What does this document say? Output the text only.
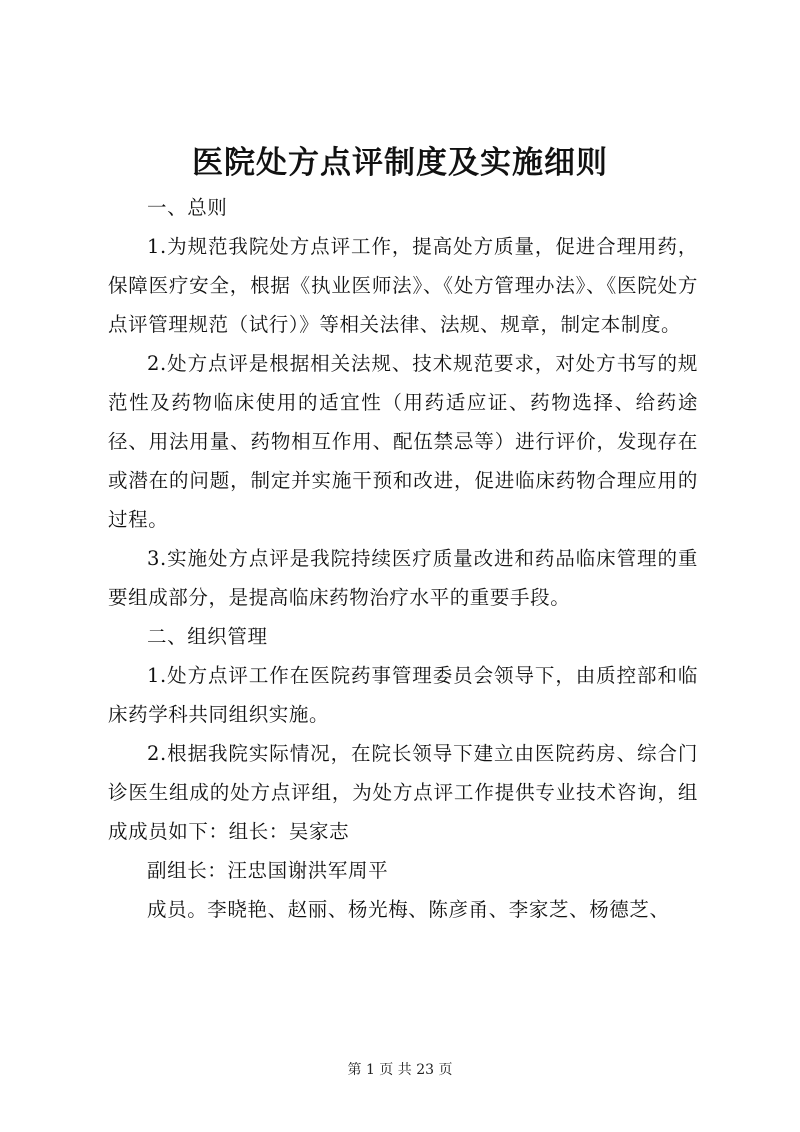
医院处方点评制度及实施细则

一、总则

1.为规范我院处方点评工作，提高处方质量，促进合理用药，保障医疗安全，根据《执业医师法》、《处方管理办法》、《医院处方点评管理规范（试行）》等相关法律、法规、规章，制定本制度。

2.处方点评是根据相关法规、技术规范要求，对处方书写的规范性及药物临床使用的适宜性（用药适应证、药物选择、给药途径、用法用量、药物相互作用、配伍禁忌等）进行评价，发现存在或潜在的问题，制定并实施干预和改进，促进临床药物合理应用的过程。

3.实施处方点评是我院持续医疗质量改进和药品临床管理的重要组成部分，是提高临床药物治疗水平的重要手段。

二、组织管理

1.处方点评工作在医院药事管理委员会领导下，由质控部和临床药学科共同组织实施。

2.根据我院实际情况，在院长领导下建立由医院药房、综合门诊医生组成的处方点评组，为处方点评工作提供专业技术咨询，组成成员如下：组长：吴家志

副组长：汪忠国谢洪军周平

成员。李晓艳、赵丽、杨光梅、陈彦甬、李家芝、杨德芝、

第 1 页 共 23 页
